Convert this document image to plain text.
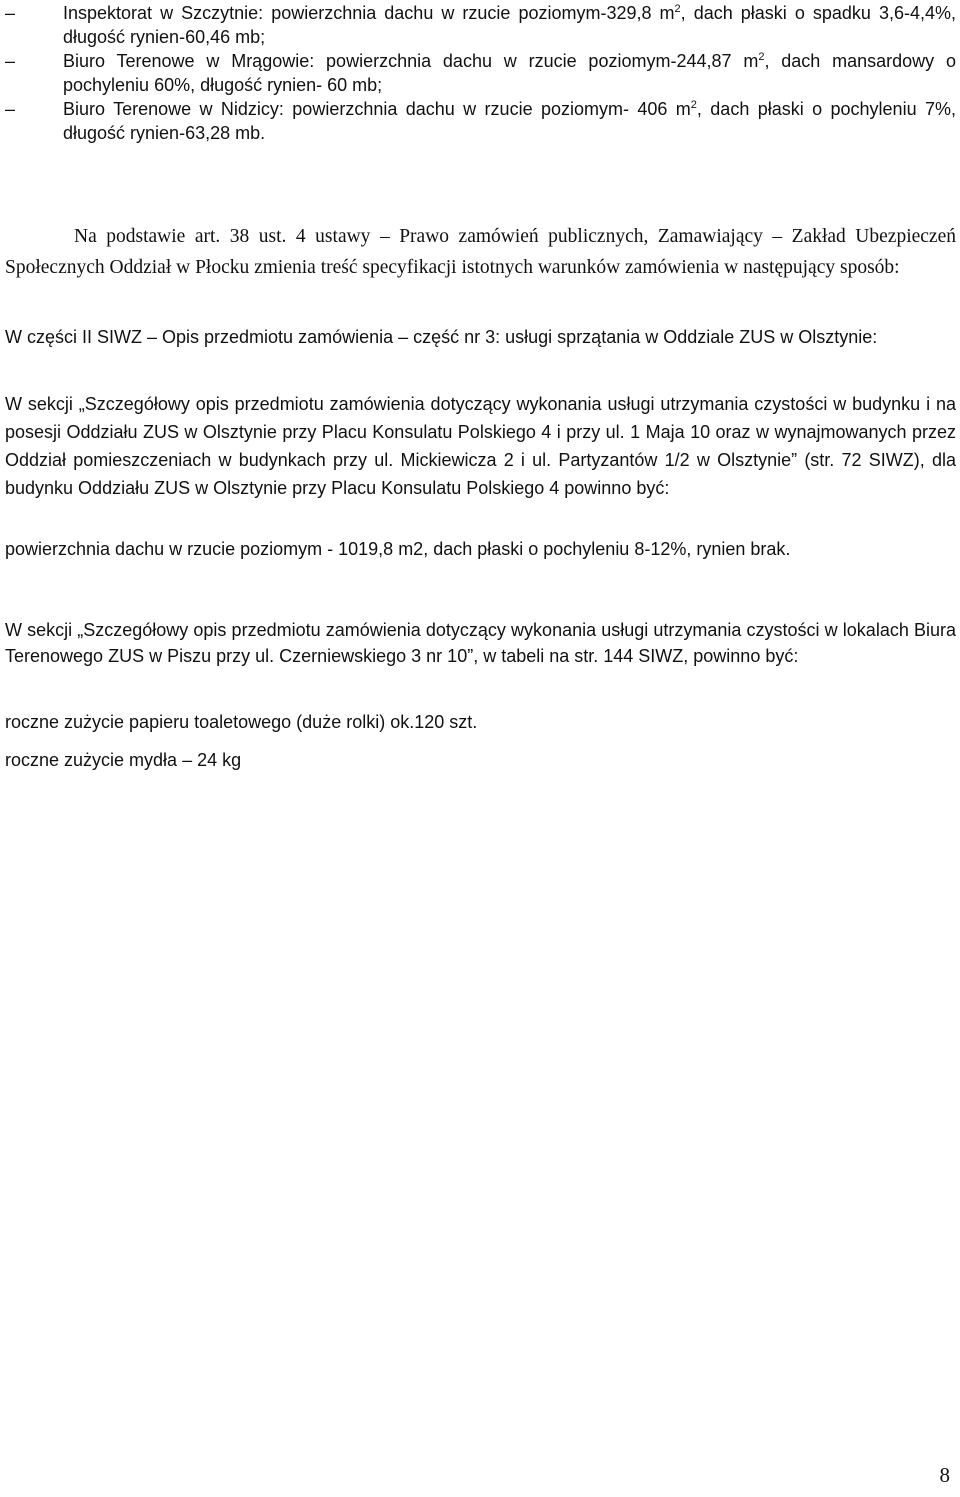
–	Inspektorat w Szczytnie: powierzchnia dachu w rzucie poziomym-329,8 $m^2$, dach płaski o spadku 3,6-4,4%, długość rynien-60,46 mb;
–	Biuro Terenowe w Mrągowie: powierzchnia dachu w rzucie poziomym-244,87 $m^2$, dach mansardowy o pochyleniu 60%, długość rynien- 60 mb;
–	Biuro Terenowe w Nidzicy: powierzchnia dachu w rzucie poziomym- 406 $m^2$, dach płaski o pochyleniu 7%, długość rynien-63,28 mb.

Na podstawie art. 38 ust. 4 ustawy – Prawo zamówień publicznych, Zamawiający – Zakład Ubezpieczeń Społecznych Oddział w Płocku zmienia treść specyfikacji istotnych warunków zamówienia w następujący sposób:

W części II SIWZ – Opis przedmiotu zamówienia – część nr 3: usługi sprzątania w Oddziale ZUS w Olsztynie:

W sekcji „Szczegółowy opis przedmiotu zamówienia dotyczący wykonania usługi utrzymania czystości w budynku i na posesji Oddziału ZUS w Olsztynie przy Placu Konsulatu Polskiego 4 i przy ul. 1 Maja 10 oraz w wynajmowanych przez Oddział pomieszczeniach w budynkach przy ul. Mickiewicza 2 i ul. Partyzantów 1/2 w Olsztynie” (str. 72 SIWZ), dla budynku Oddziału ZUS w Olsztynie przy Placu Konsulatu Polskiego 4 powinno być:

powierzchnia dachu w rzucie poziomym - 1019,8 m2, dach płaski o pochyleniu 8-12%, rynien brak.

W sekcji „Szczegółowy opis przedmiotu zamówienia dotyczący wykonania usługi utrzymania czystości w lokalach Biura Terenowego ZUS w Piszu przy ul. Czerniewskiego 3 nr 10”, w tabeli na str. 144 SIWZ, powinno być:

roczne zużycie papieru toaletowego (duże rolki) ok.120 szt.

roczne zużycie mydła – 24 kg

8
